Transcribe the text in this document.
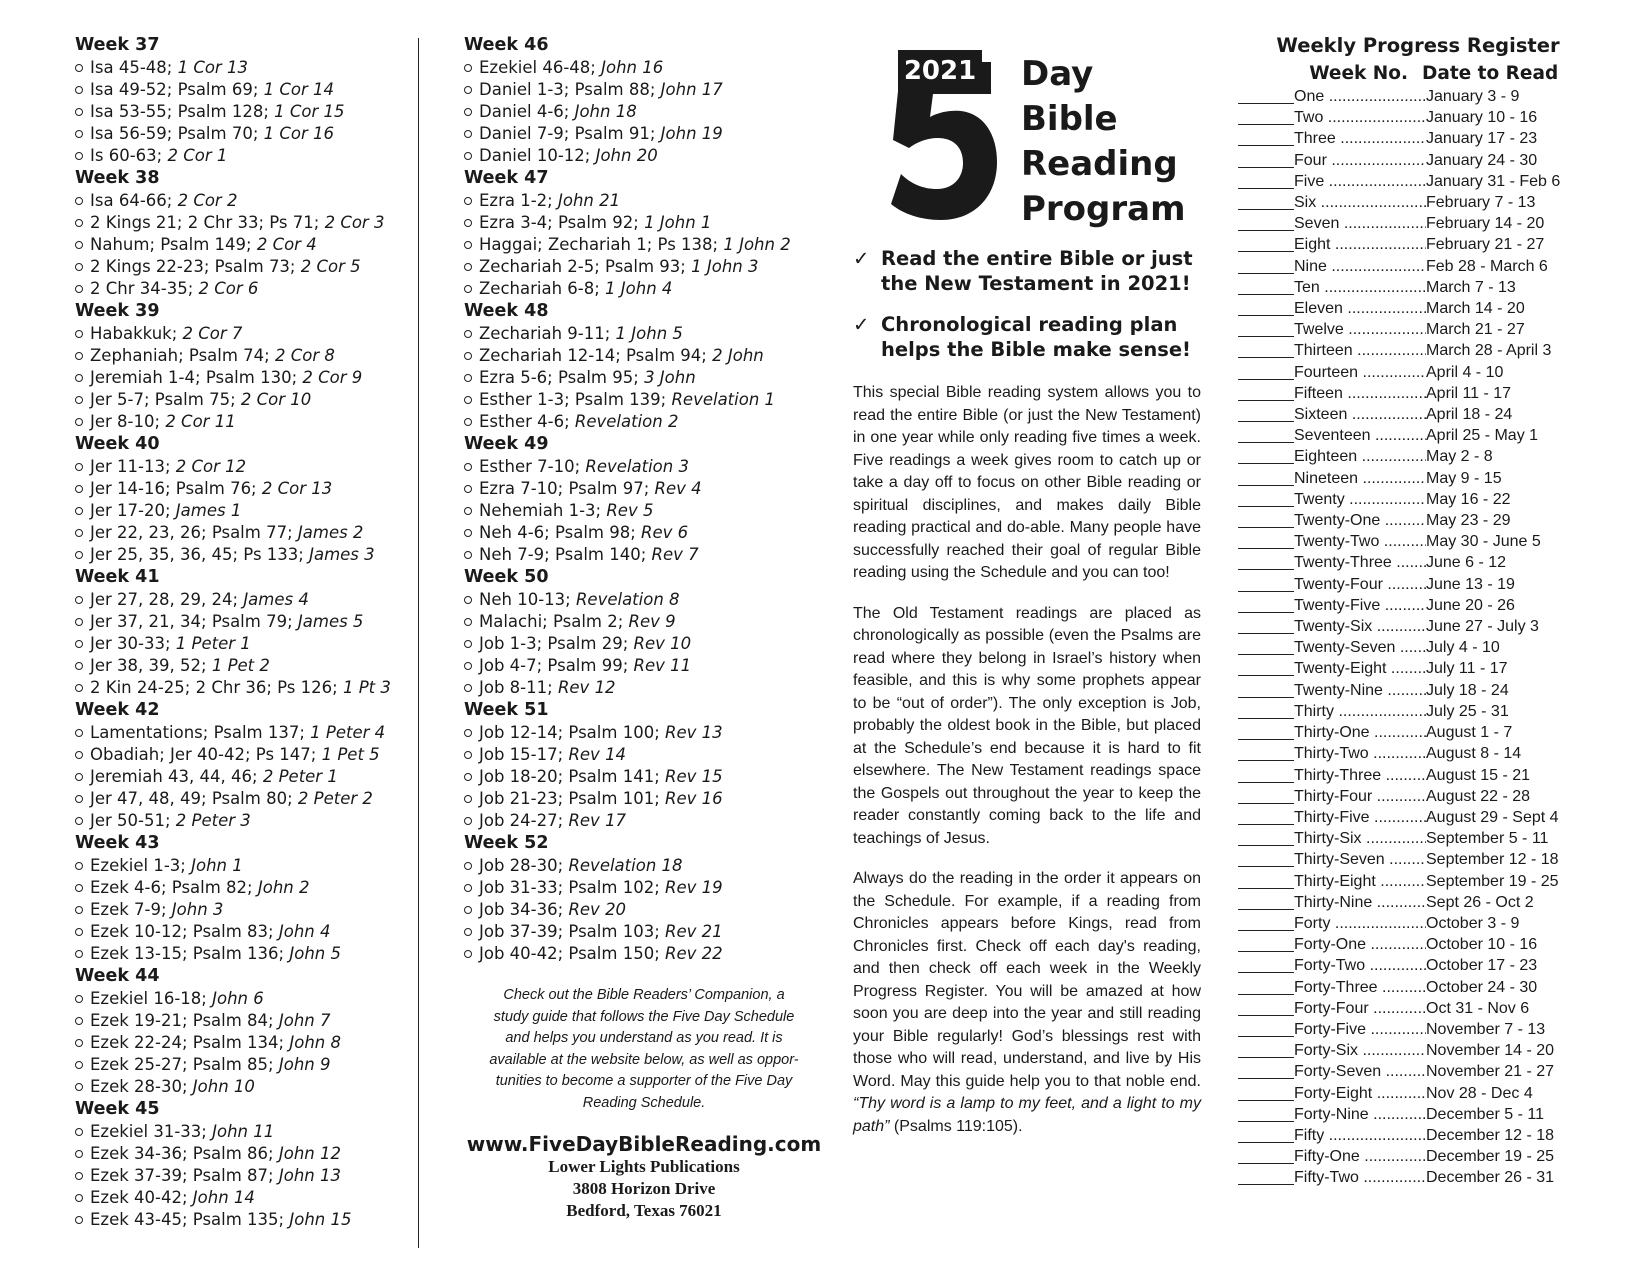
Week 37
Isa 45-48; 1 Cor 13
Isa 49-52; Psalm 69; 1 Cor 14
Isa 53-55; Psalm 128; 1 Cor 15
Isa 56-59; Psalm 70; 1 Cor 16
Is 60-63; 2 Cor 1
Week 38
Isa 64-66; 2 Cor 2
2 Kings 21; 2 Chr 33; Ps 71; 2 Cor 3
Nahum; Psalm 149; 2 Cor 4
2 Kings 22-23; Psalm 73; 2 Cor 5
2 Chr 34-35; 2 Cor 6
Week 39
Habakkuk; 2 Cor 7
Zephaniah; Psalm 74; 2 Cor 8
Jeremiah 1-4; Psalm 130; 2 Cor 9
Jer 5-7; Psalm 75; 2 Cor 10
Jer 8-10; 2 Cor 11
Week 40
Jer 11-13; 2 Cor 12
Jer 14-16; Psalm 76; 2 Cor 13
Jer 17-20; James 1
Jer 22, 23, 26; Psalm 77; James 2
Jer 25, 35, 36, 45; Ps 133; James 3
Week 41
Jer 27, 28, 29, 24; James 4
Jer 37, 21, 34; Psalm 79; James 5
Jer 30-33; 1 Peter 1
Jer 38, 39, 52; 1 Pet 2
2 Kin 24-25; 2 Chr 36; Ps 126; 1 Pt 3
Week 42
Lamentations; Psalm 137; 1 Peter 4
Obadiah; Jer 40-42; Ps 147; 1 Pet 5
Jeremiah 43, 44, 46; 2 Peter 1
Jer 47, 48, 49; Psalm 80; 2 Peter 2
Jer 50-51; 2 Peter 3
Week 43
Ezekiel 1-3; John 1
Ezek 4-6; Psalm 82; John 2
Ezek 7-9; John 3
Ezek 10-12; Psalm 83; John 4
Ezek 13-15; Psalm 136; John 5
Week 44
Ezekiel 16-18; John 6
Ezek 19-21; Psalm 84; John 7
Ezek 22-24; Psalm 134; John 8
Ezek 25-27; Psalm 85; John 9
Ezek 28-30; John 10
Week 45
Ezekiel 31-33; John 11
Ezek 34-36; Psalm 86; John 12
Ezek 37-39; Psalm 87; John 13
Ezek 40-42; John 14
Ezek 43-45; Psalm 135; John 15
Week 46
Ezekiel 46-48; John 16
Daniel 1-3; Psalm 88; John 17
Daniel 4-6; John 18
Daniel 7-9; Psalm 91; John 19
Daniel 10-12; John 20
Week 47
Ezra 1-2; John 21
Ezra 3-4; Psalm 92; 1 John 1
Haggai; Zechariah 1; Ps 138; 1 John 2
Zechariah 2-5; Psalm 93; 1 John 3
Zechariah 6-8; 1 John 4
Week 48
Zechariah 9-11; 1 John 5
Zechariah 12-14; Psalm 94; 2 John
Ezra 5-6; Psalm 95; 3 John
Esther 1-3; Psalm 139; Revelation 1
Esther 4-6; Revelation 2
Week 49
Esther 7-10; Revelation 3
Ezra 7-10; Psalm 97; Rev 4
Nehemiah 1-3; Rev 5
Neh 4-6; Psalm 98; Rev 6
Neh 7-9; Psalm 140; Rev 7
Week 50
Neh 10-13; Revelation 8
Malachi; Psalm 2; Rev 9
Job 1-3; Psalm 29; Rev 10
Job 4-7; Psalm 99; Rev 11
Job 8-11; Rev 12
Week 51
Job 12-14; Psalm 100; Rev 13
Job 15-17; Rev 14
Job 18-20; Psalm 141; Rev 15
Job 21-23; Psalm 101; Rev 16
Job 24-27; Rev 17
Week 52
Job 28-30; Revelation 18
Job 31-33; Psalm 102; Rev 19
Job 34-36; Rev 20
Job 37-39; Psalm 103; Rev 21
Job 40-42; Psalm 150; Rev 22
Check out the Bible Readers’ Companion, a
study guide that follows the Five Day Schedule
and helps you understand as you read. It is
available at the website below, as well as oppor-
tunities to become a supporter of the Five Day
Reading Schedule.
www.FiveDayBibleReading.com
Lower Lights Publications
3808 Horizon Drive
Bedford, Texas 76021
2021 Day
Bible
Reading
Program
✓ Read the entire Bible or just
the New Testament in 2021!
✓ Chronological reading plan
helps the Bible make sense!
This special Bible reading system allows you to read the entire Bible (or just the New Testament) in one year while only reading five times a week. Five readings a week gives room to catch up or take a day off to focus on other Bible reading or spiritual disciplines, and makes daily Bible reading practical and do-able. Many people have successfully reached their goal of regular Bible reading using the Schedule and you can too!
The Old Testament readings are placed as chronologically as possible (even the Psalms are read where they belong in Israel’s history when feasible, and this is why some prophets appear to be “out of order”). The only exception is Job, probably the oldest book in the Bible, but placed at the Schedule’s end because it is hard to fit elsewhere. The New Testament readings space the Gospels out throughout the year to keep the reader constantly coming back to the life and teachings of Jesus.
Always do the reading in the order it appears on the Schedule. For example, if a reading from Chronicles appears before Kings, read from Chronicles first. Check off each day's reading, and then check off each week in the Weekly Progress Register. You will be amazed at how soon you are deep into the year and still reading your Bible regularly! God’s blessings rest with those who will read, understand, and live by His Word. May this guide help you to that noble end. “Thy word is a lamp to my feet, and a light to my path” (Psalms 119:105).
Weekly Progress Register
Week No. Date to Read
One .....	January 3 - 9
Two .....	January 10 - 16
Three .....	January 17 - 23
Four .....	January 24 - 30
Five .....	January 31 - Feb 6
Six .....	February 7 - 13
Seven .....	February 14 - 20
Eight .....	February 21 - 27
Nine .....	Feb 28 - March 6
Ten .....	March 7 - 13
Eleven .....	March 14 - 20
Twelve .....	March 21 - 27
Thirteen .....	March 28 - April 3
Fourteen .....	April 4 - 10
Fifteen .....	April 11 - 17
Sixteen .....	April 18 - 24
Seventeen .....	April 25 - May 1
Eighteen .....	May 2 - 8
Nineteen .....	May 9 - 15
Twenty .....	May 16 - 22
Twenty-One .....	May 23 - 29
Twenty-Two .....	May 30 - June 5
Twenty-Three .....	June 6 - 12
Twenty-Four .....	June 13 - 19
Twenty-Five .....	June 20 - 26
Twenty-Six .....	June 27 - July 3
Twenty-Seven .....	July 4 - 10
Twenty-Eight .....	July 11 - 17
Twenty-Nine .....	July 18 - 24
Thirty .....	July 25 - 31
Thirty-One .....	August 1 - 7
Thirty-Two .....	August 8 - 14
Thirty-Three .....	August 15 - 21
Thirty-Four .....	August 22 - 28
Thirty-Five .....	August 29 - Sept 4
Thirty-Six .....	September 5 - 11
Thirty-Seven .....	September 12 - 18
Thirty-Eight .....	September 19 - 25
Thirty-Nine .....	Sept 26 - Oct 2
Forty .....	October 3 - 9
Forty-One .....	October 10 - 16
Forty-Two .....	October 17 - 23
Forty-Three .....	October 24 - 30
Forty-Four .....	Oct 31 - Nov 6
Forty-Five .....	November 7 - 13
Forty-Six .....	November 14 - 20
Forty-Seven .....	November 21 - 27
Forty-Eight .....	Nov 28 - Dec 4
Forty-Nine .....	December 5 - 11
Fifty .....	December 12 - 18
Fifty-One .....	December 19 - 25
Fifty-Two .....	December 26 - 31
